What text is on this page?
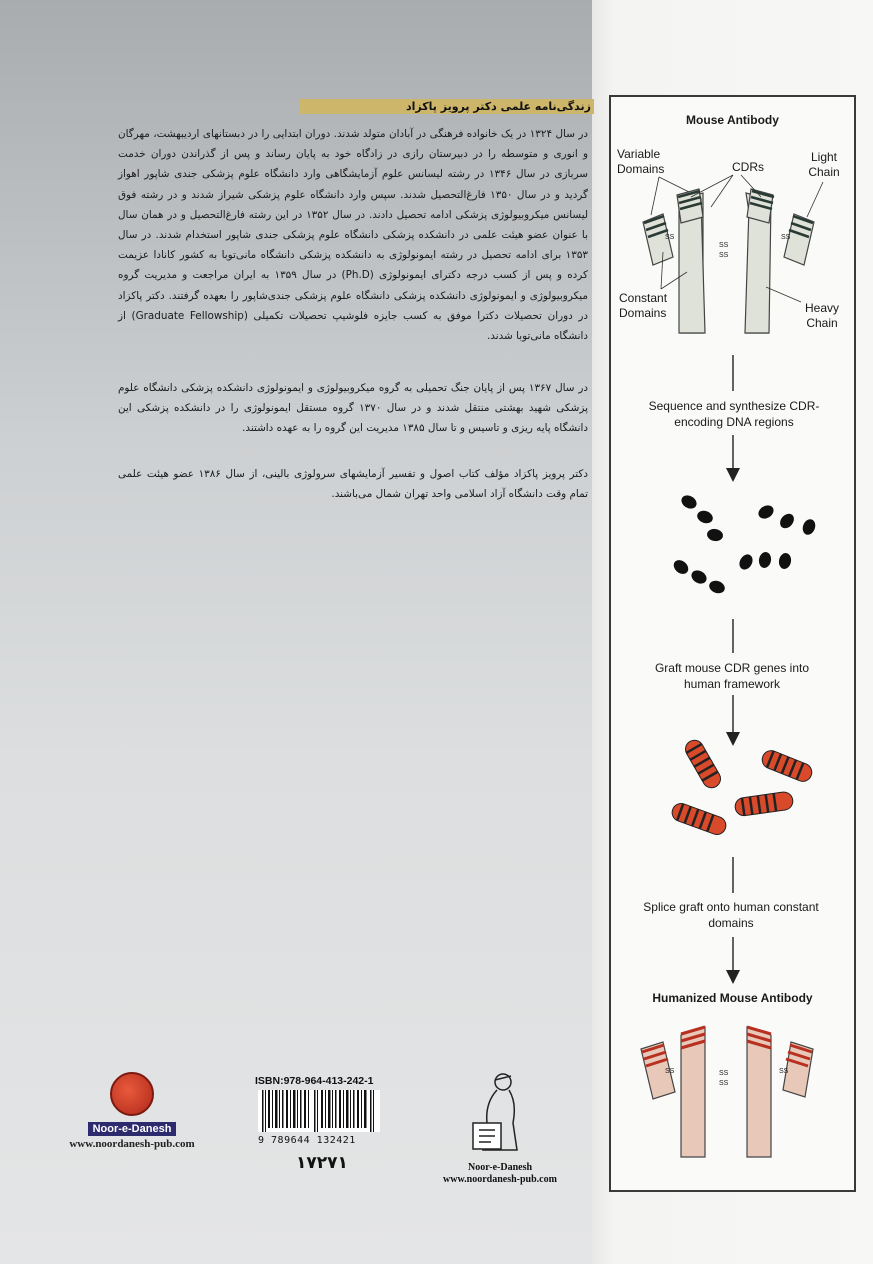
زندگی‌نامه علمی دکتر پرویز پاکزاد
در سال ۱۳۲۴ در یک خانواده فرهنگی در آبادان متولد شدند. دوران ابتدایی را در دبستانهای اردیبهشت، مهرگان و انوری و متوسطه را در دبیرستان رازی در زادگاه خود به پایان رساند و پس از گذراندن دوران خدمت سربازی در سال ۱۳۴۶ در رشته لیسانس علوم آزمایشگاهی وارد دانشگاه علوم پزشکی جندی شاپور اهواز گردید و در سال ۱۳۵۰ فارغ‌التحصیل شدند. سپس وارد دانشگاه علوم پزشکی شیراز شدند و در رشته فوق لیسانس میکروبیولوژی پزشکی ادامه تحصیل دادند. در سال ۱۳۵۲ در این رشته فارغ‌التحصیل و در همان سال با عنوان عضو هیئت علمی در دانشکده پزشکی دانشگاه علوم پزشکی جندی شاپور استخدام شدند. در سال ۱۳۵۳ برای ادامه تحصیل در رشته ایمونولوژی به دانشکده پزشکی دانشگاه مانی‌توبا به کشور کانادا عزیمت کرده و پس از کسب درجه دکترای ایمونولوژی (Ph.D) در سال ۱۳۵۹ به ایران مراجعت و مدیریت گروه میکروبیولوژی و ایمونولوژی دانشکده پزشکی دانشگاه علوم پزشکی جندی‌شاپور را بعهده گرفتند. دکتر پاکزاد در دوران تحصیلات دکترا موفق به کسب جایزه فلوشیپ تحصیلات تکمیلی (Graduate Fellowship) از دانشگاه مانی‌توبا شدند.
در سال ۱۳۶۷ پس از پایان جنگ تحمیلی به گروه میکروبیولوژی و ایمونولوژی دانشکده پزشکی دانشگاه علوم پزشکی شهید بهشتی منتقل شدند و در سال ۱۳۷۰ گروه مستقل ایمونولوژی را در دانشکده پزشکی این دانشگاه پایه ریزی و تاسیس و تا سال ۱۳۸۵ مدیریت این گروه را به عهده داشتند.
دکتر پرویز پاکزاد مؤلف کتاب اصول و تفسیر آزمایشهای سرولوژی بالینی، از سال ۱۳۸۶ عضو هیئت علمی تمام وقت دانشگاه آزاد اسلامی واحد تهران شمال می‌باشند.
Mouse Antibody
Variable Domains	CDRs
Light Chain
Constant Domains	Heavy Chain
Sequence and synthesize CDR-encoding DNA regions
Graft mouse CDR genes into human framework
Splice graft onto human constant domains
Humanized Mouse Antibody
SS
SS
SS
SS
SS	SS
SS
SS
Noor-e-Danesh
www.noordanesh-pub.com
ISBN:978-964-413-242-1
9 789644 132421
۱۷۲۷۱	Noor-e-Danesh
www.noordanesh-pub.com
